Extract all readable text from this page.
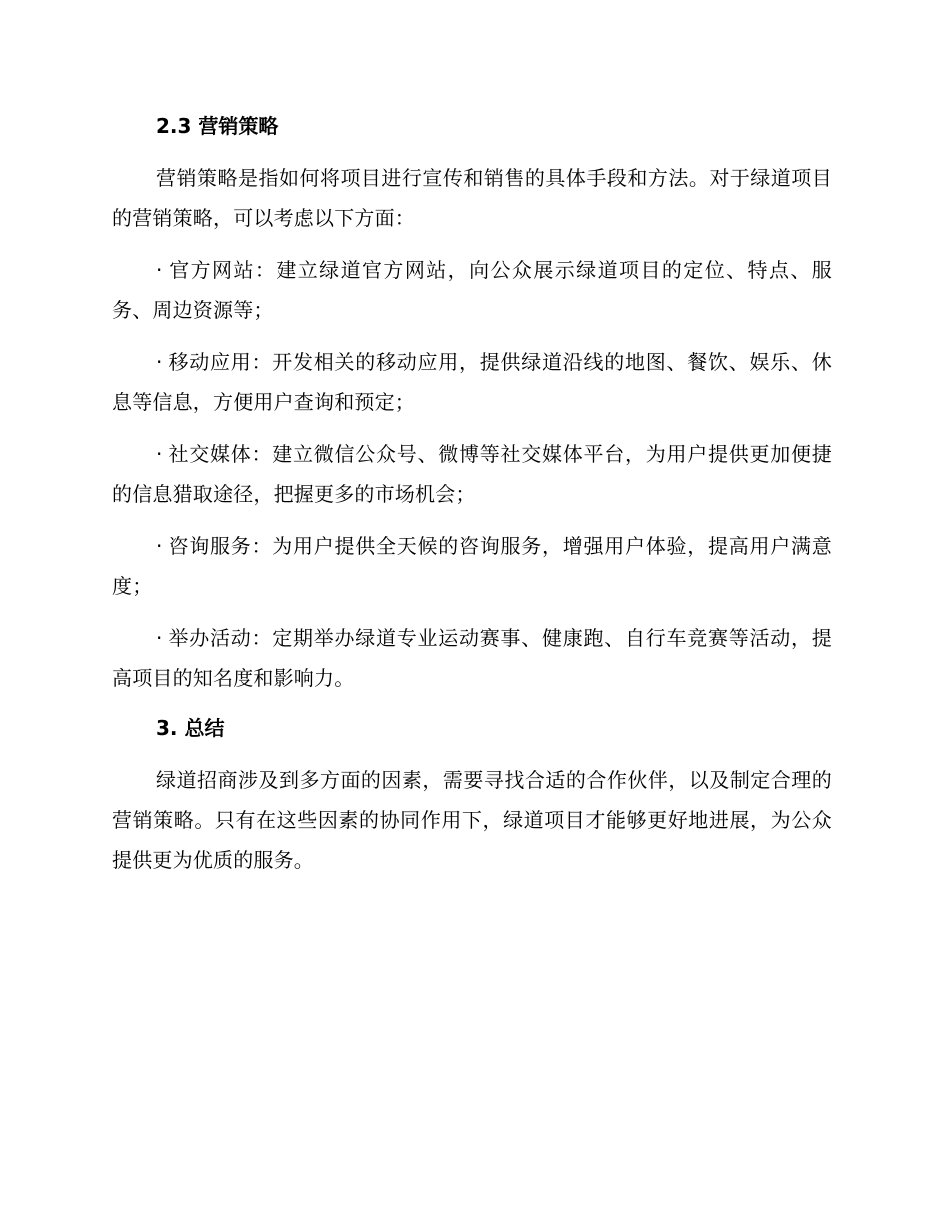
2.3 营销策略

营销策略是指如何将项目进行宣传和销售的具体手段和方法。对于绿道项目的营销策略，可以考虑以下方面：

· 官方网站：建立绿道官方网站，向公众展示绿道项目的定位、特点、服务、周边资源等；

· 移动应用：开发相关的移动应用，提供绿道沿线的地图、餐饮、娱乐、休息等信息，方便用户查询和预定；

· 社交媒体：建立微信公众号、微博等社交媒体平台，为用户提供更加便捷的信息猎取途径，把握更多的市场机会；

· 咨询服务：为用户提供全天候的咨询服务，增强用户体验，提高用户满意度；

· 举办活动：定期举办绿道专业运动赛事、健康跑、自行车竞赛等活动，提高项目的知名度和影响力。

3. 总结

绿道招商涉及到多方面的因素，需要寻找合适的合作伙伴，以及制定合理的营销策略。只有在这些因素的协同作用下，绿道项目才能够更好地进展，为公众提供更为优质的服务。
